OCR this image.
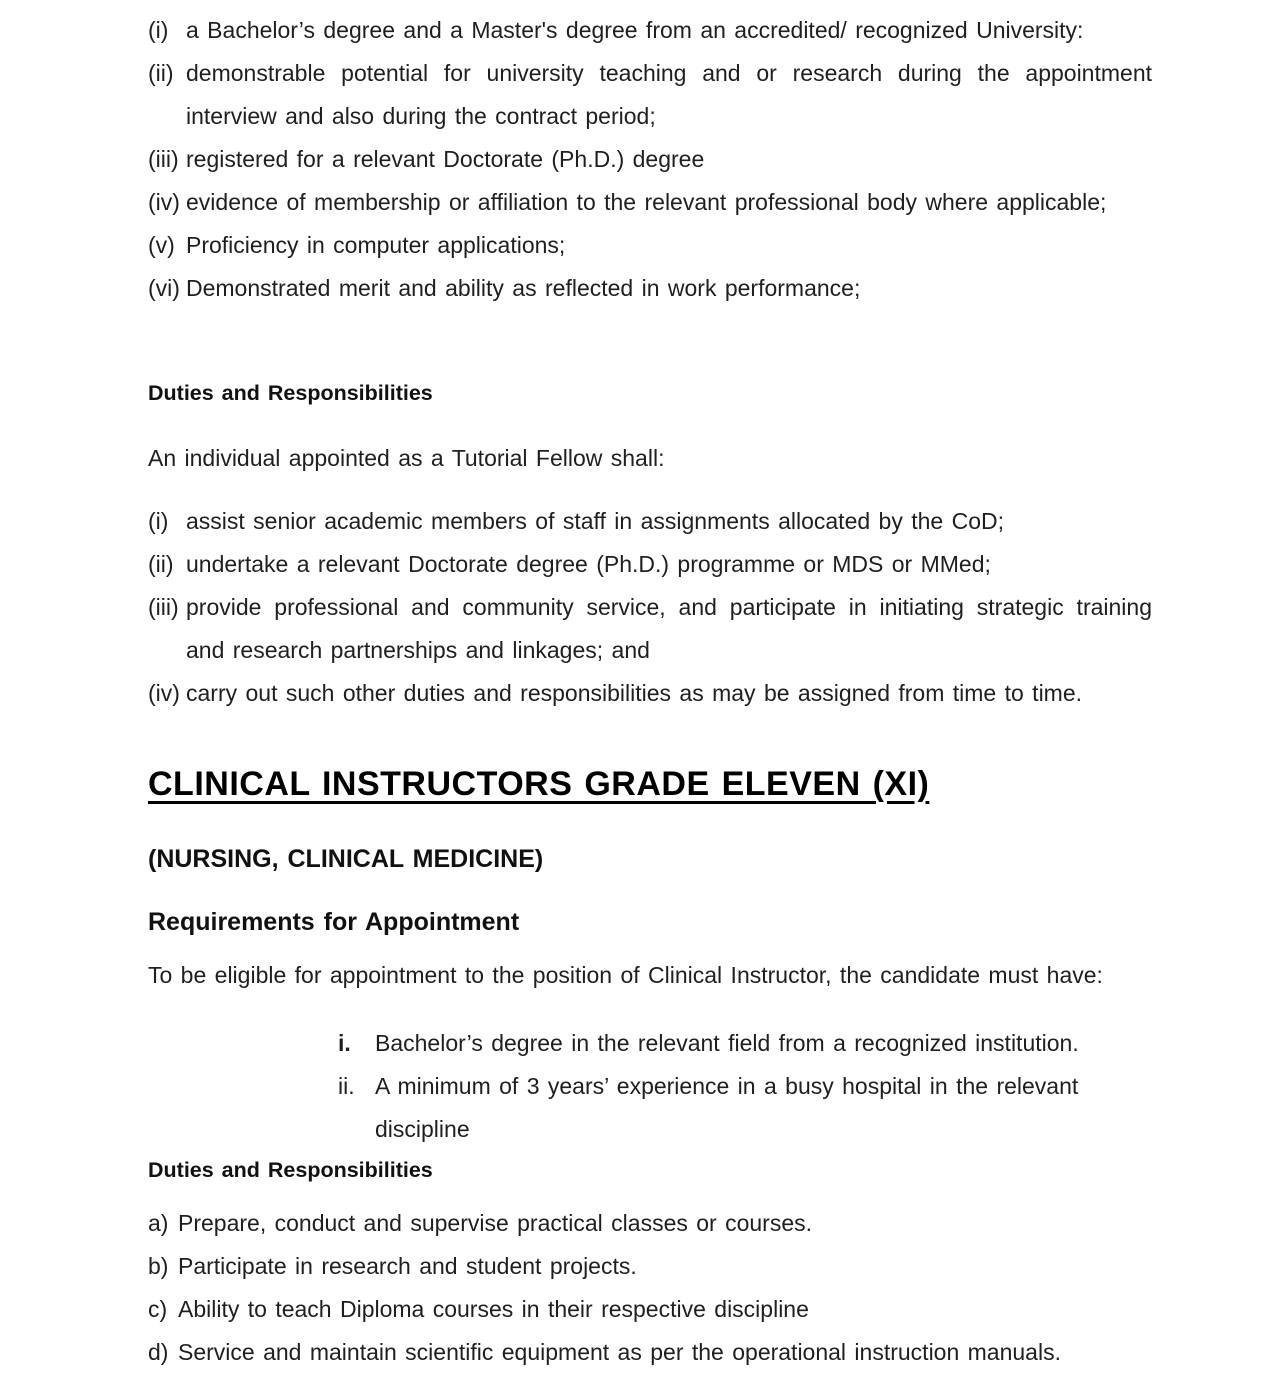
(i) a Bachelor’s degree and a Master's degree from an accredited/ recognized University:
(ii) demonstrable potential for university teaching and or research during the appointment
interview and also during the contract period;
(iii) registered for a relevant Doctorate (Ph.D.) degree
(iv) evidence of membership or affiliation to the relevant professional body where applicable;
(v) Proficiency in computer applications;
(vi) Demonstrated merit and ability as reflected in work performance;
Duties and Responsibilities
An individual appointed as a Tutorial Fellow shall:
(i) assist senior academic members of staff in assignments allocated by the CoD;
(ii) undertake a relevant Doctorate degree (Ph.D.) programme or MDS or MMed;
(iii) provide professional and community service, and participate in initiating strategic training
and research partnerships and linkages; and
(iv) carry out such other duties and responsibilities as may be assigned from time to time.
CLINICAL INSTRUCTORS GRADE ELEVEN (XI)
(NURSING, CLINICAL MEDICINE)
Requirements for Appointment
To be eligible for appointment to the position of Clinical Instructor, the candidate must have:
i. Bachelor’s degree in the relevant field from a recognized institution.
ii. A minimum of 3 years’ experience in a busy hospital in the relevant
discipline
Duties and Responsibilities
a) Prepare, conduct and supervise practical classes or courses.
b) Participate in research and student projects.
c) Ability to teach Diploma courses in their respective discipline
d) Service and maintain scientific equipment as per the operational instruction manuals.
